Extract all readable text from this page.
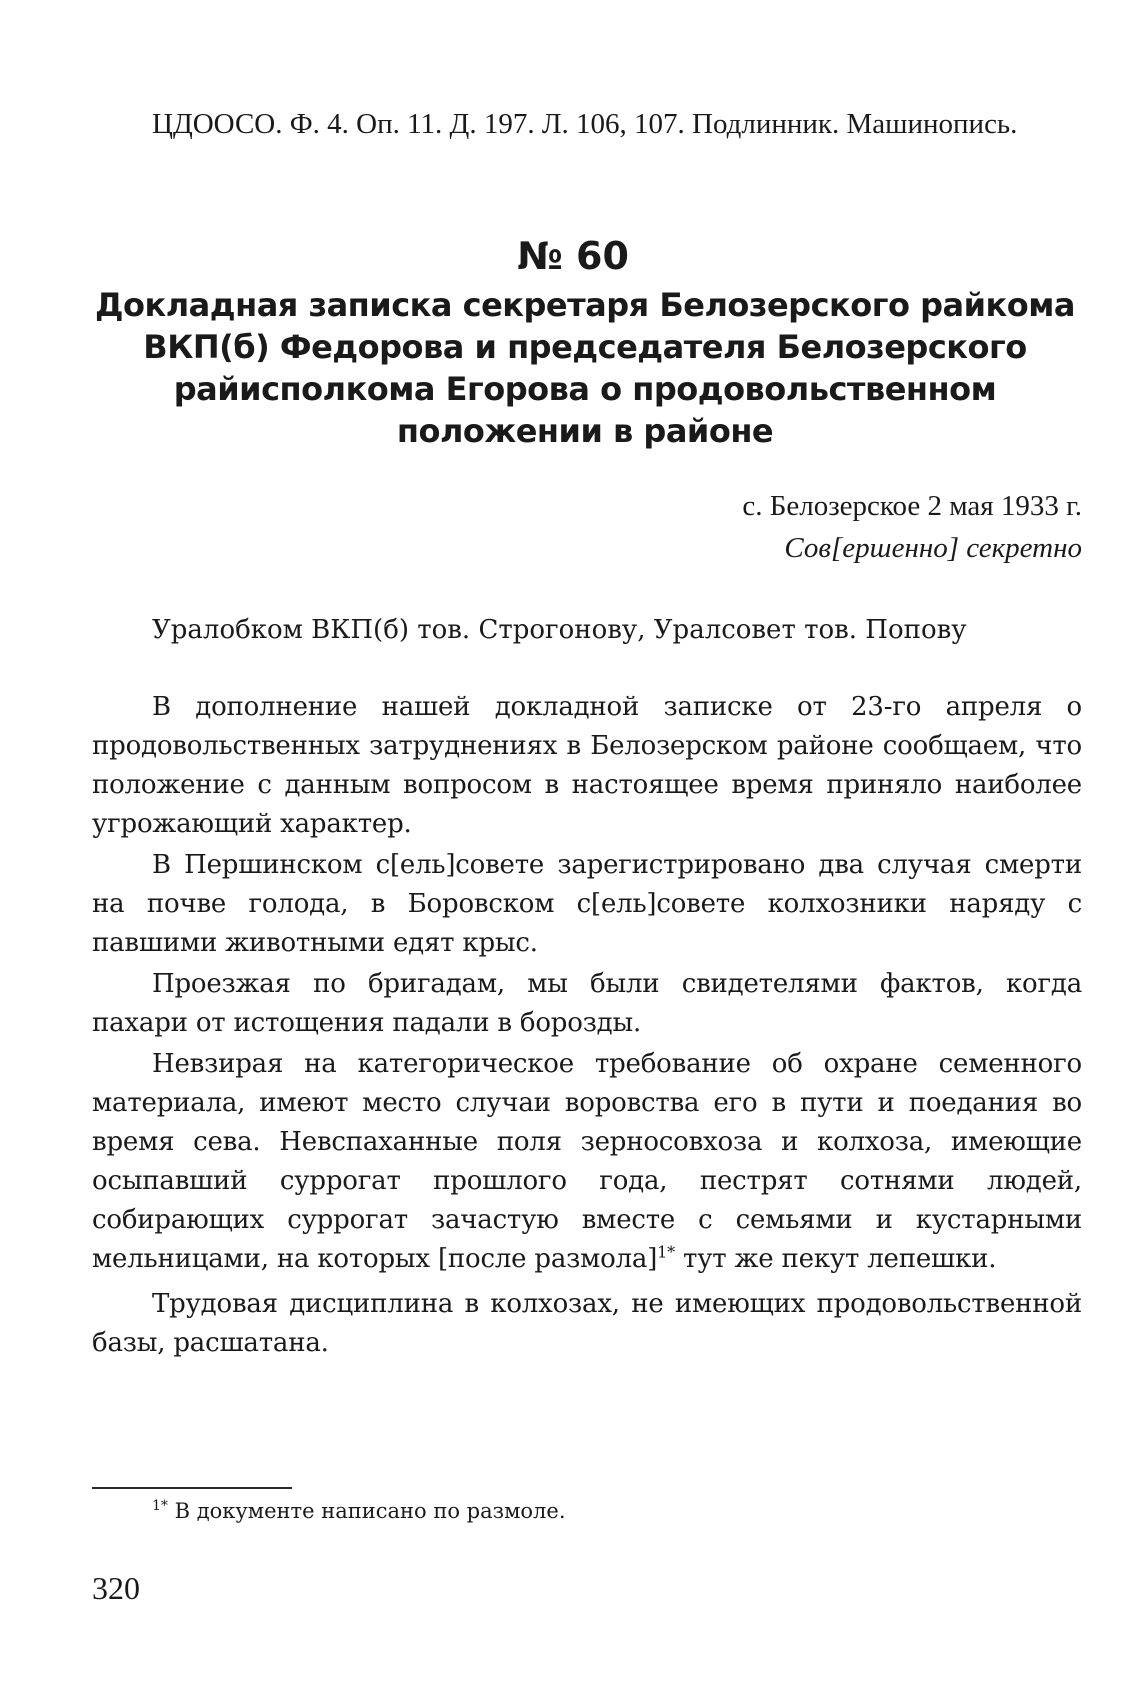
ЦДООСО. Ф. 4. Оп. 11. Д. 197. Л. 106, 107. Подлинник. Машинопись.

№ 60
Докладная записка секретаря Белозерского райкома ВКП(б) Федорова и председателя Белозерского райисполкома Егорова о продовольственном положении в районе

с. Белозерское 2 мая 1933 г.

Сов[ершенно] секретно

Уралобком ВКП(б) тов. Строгонову, Уралсовет тов. Попову

В дополнение нашей докладной записке от 23-го апреля о продовольственных затруднениях в Белозерском районе сообщаем, что положение с данным вопросом в настоящее время приняло наиболее угрожающий характер.

В Першинском с[ель]совете зарегистрировано два случая смерти на почве голода, в Боровском с[ель]совете колхозники наряду с павшими животными едят крыс.

Проезжая по бригадам, мы были свидетелями фактов, когда пахари от истощения падали в борозды.

Невзирая на категорическое требование об охране семенного материала, имеют место случаи воровства его в пути и поедания во время сева. Невспаханные поля зерносовхоза и колхоза, имеющие осыпавший суррогат прошлого года, пестрят сотнями людей, собирающих суррогат зачастую вместе с семьями и кустарными мельницами, на которых [после размола]$^{1*}$ тут же пекут лепешки.

Трудовая дисциплина в колхозах, не имеющих продовольственной базы, расшатана.

$^{1*}$ В документе написано по размоле.

320
